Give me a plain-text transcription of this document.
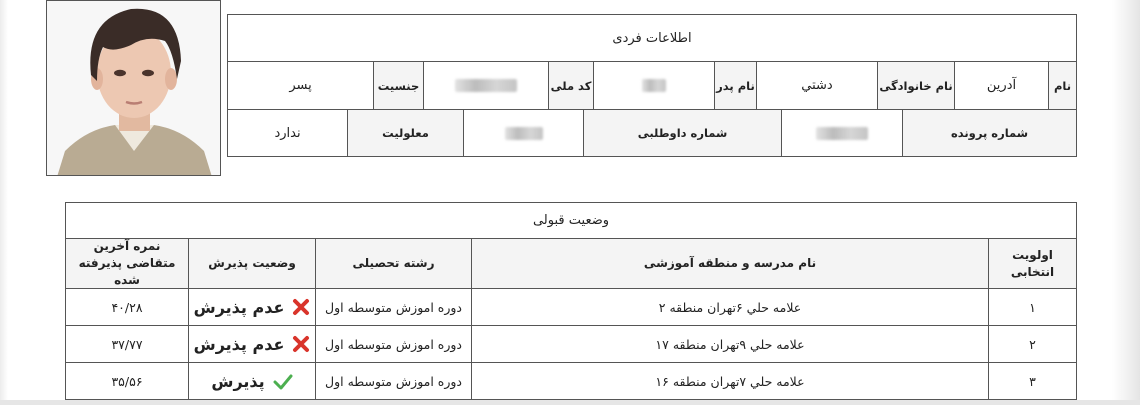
اطلاعات فردی
نام
آدرین
نام خانوادگی
دشتي
نام پدر
کد ملی
جنسیت
پسر
شماره پرونده
شماره داوطلبی
معلولیت
ندارد
وضعیت قبولی
اولویت انتخابی
نام مدرسه و منطقه آموزشی
رشته تحصیلی
وضعیت پذیرش
نمره آخرین متقاضی پذیرفته شده
۱
علامه حلي ۶تهران منطقه ۲
دوره اموزش متوسطه اول
عدم پذیرش
۴۰/۲۸
۲
علامه حلي ۹تهران منطقه ۱۷
دوره اموزش متوسطه اول
عدم پذیرش
۳۷/۷۷
۳
علامه حلي ۷تهران منطقه ۱۶
دوره اموزش متوسطه اول
پذیرش
۳۵/۵۶
